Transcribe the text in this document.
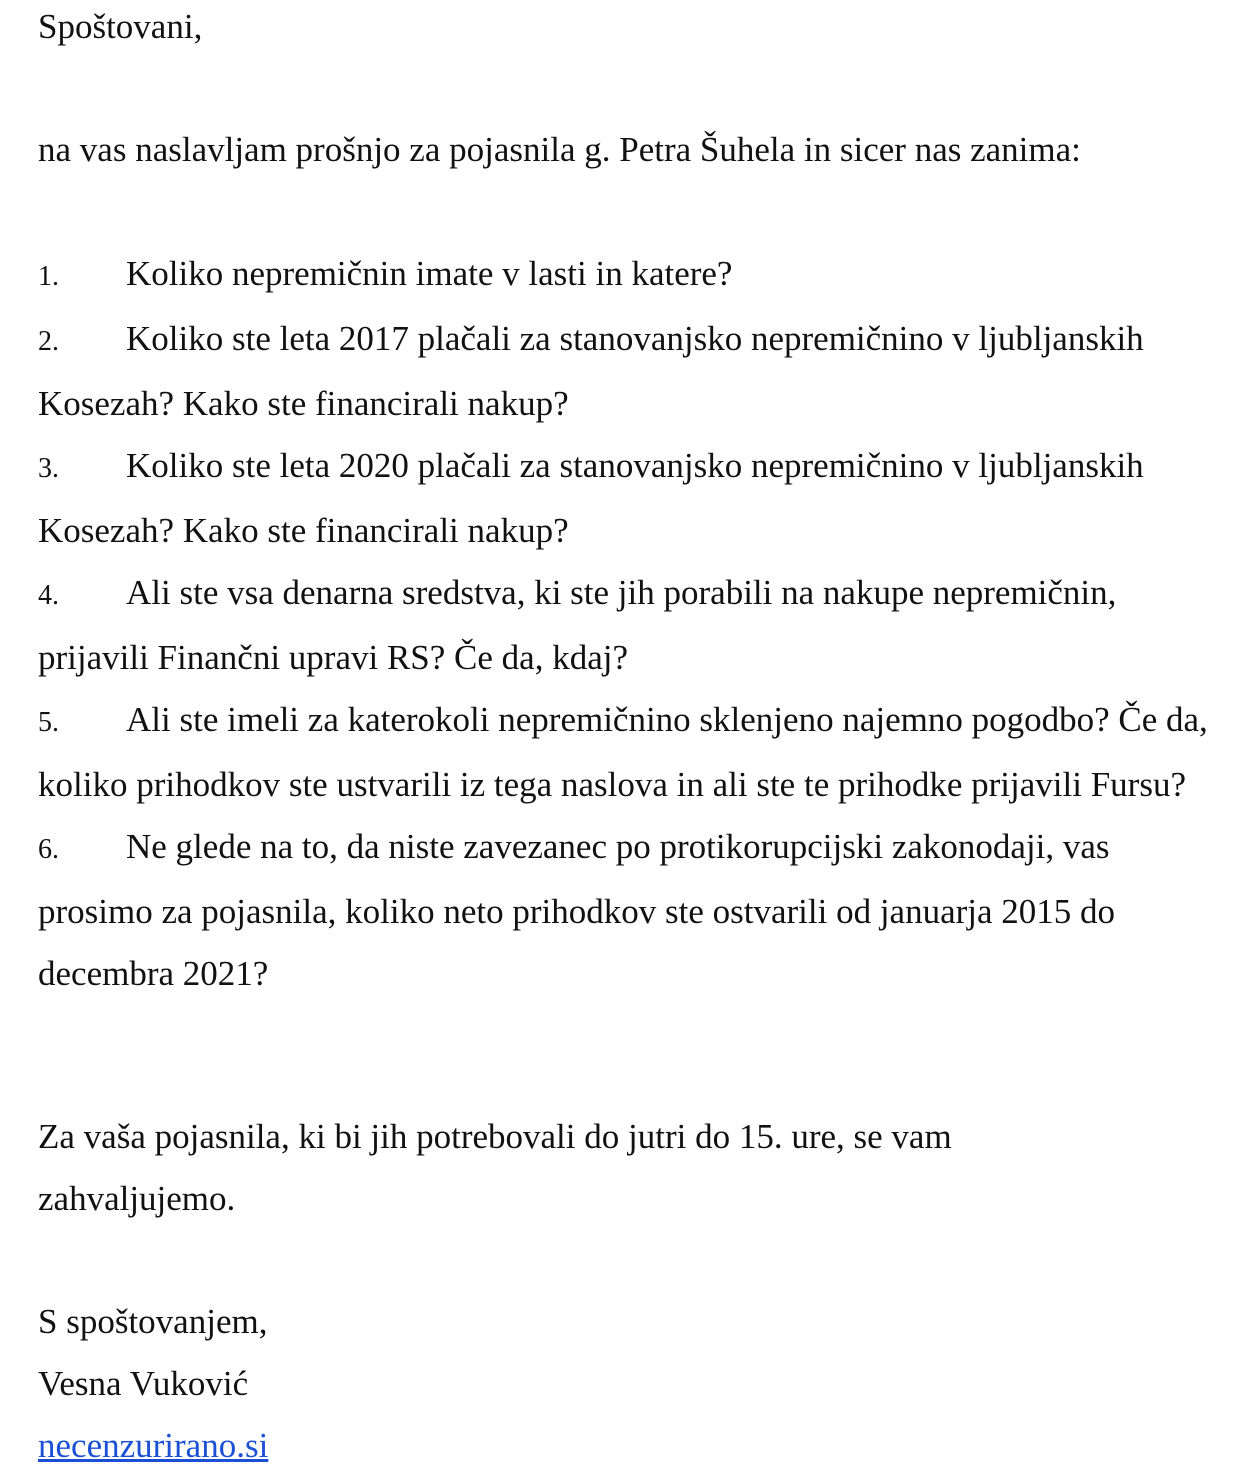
Spoštovani,

na vas naslavljam prošnjo za pojasnila g. Petra Šuhela in sicer nas zanima:

1. Koliko nepremičnin imate v lasti in katere?
2. Koliko ste leta 2017 plačali za stanovanjsko nepremičnino v ljubljanskih Kosezah? Kako ste financirali nakup?
3. Koliko ste leta 2020 plačali za stanovanjsko nepremičnino v ljubljanskih Kosezah? Kako ste financirali nakup?
4. Ali ste vsa denarna sredstva, ki ste jih porabili na nakupe nepremičnin, prijavili Finančni upravi RS? Če da, kdaj?
5. Ali ste imeli za katerokoli nepremičnino sklenjeno najemno pogodbo? Če da, koliko prihodkov ste ustvarili iz tega naslova in ali ste te prihodke prijavili Fursu?
6. Ne glede na to, da niste zavezanec po protikorupcijski zakonodaji, vas prosimo za pojasnila, koliko neto prihodkov ste ostvarili od januarja 2015 do decembra 2021?

Za vaša pojasnila, ki bi jih potrebovali do jutri do 15. ure, se vam zahvaljujemo.

S spoštovanjem,
Vesna Vuković
necenzurirano.si
